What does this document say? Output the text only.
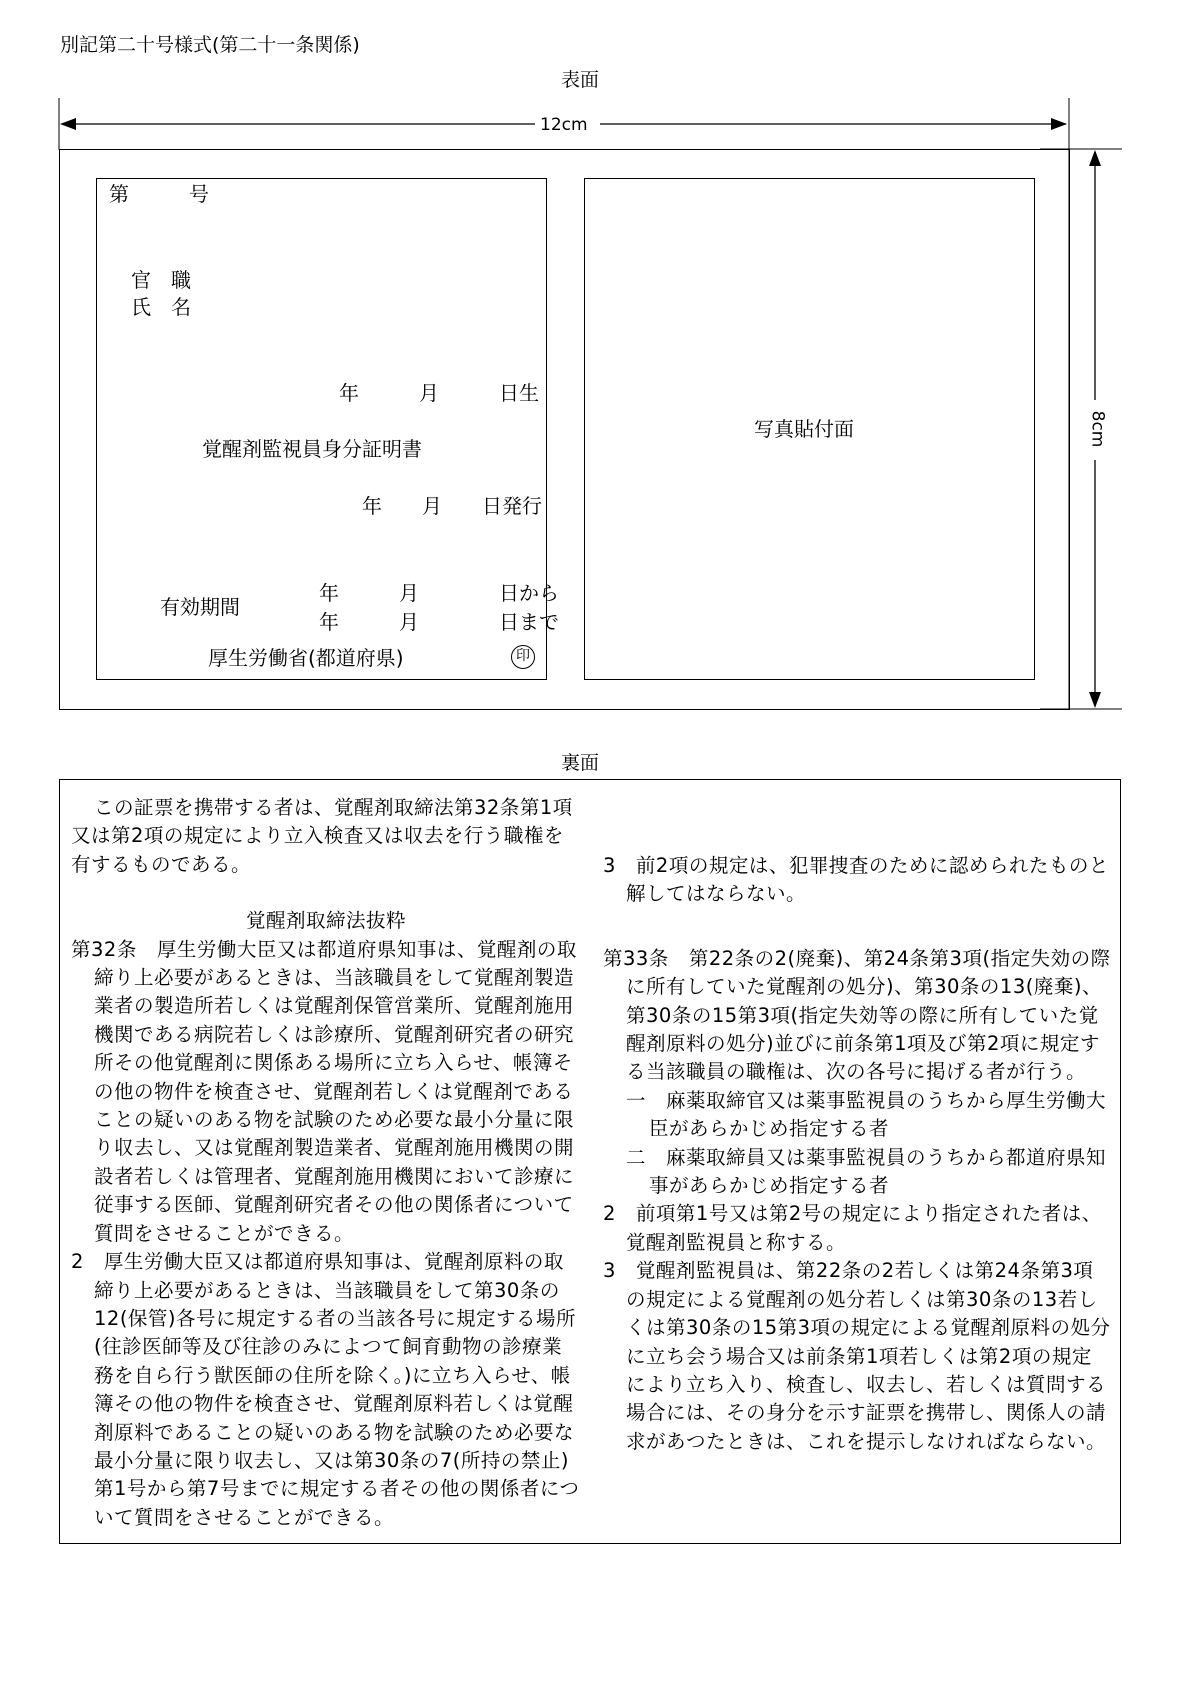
別記第二十号様式(第二十一条関係)
表面
12cm
8cm
第　　　号
官　職
氏　名
年　　　月　　　日生
覚醒剤監視員身分証明書
年　　月　　日発行
有効期間
年　　　月　　　　日から
年　　　月　　　　日まで
厚生労働省(都道府県)	印
写真貼付面
裏面

この証票を携帯する者は、覚醒剤取締法第32条第1項又は第2項の規定により立入検査又は収去を行う職権を有するものである。

覚醒剤取締法抜粋

第32条　厚生労働大臣又は都道府県知事は、覚醒剤の取締り上必要があるときは、当該職員をして覚醒剤製造業者の製造所若しくは覚醒剤保管営業所、覚醒剤施用機関である病院若しくは診療所、覚醒剤研究者の研究所その他覚醒剤に関係ある場所に立ち入らせ、帳簿その他の物件を検査させ、覚醒剤若しくは覚醒剤であることの疑いのある物を試験のため必要な最小分量に限り収去し、又は覚醒剤製造業者、覚醒剤施用機関の開設者若しくは管理者、覚醒剤施用機関において診療に従事する医師、覚醒剤研究者その他の関係者について質問をさせることができる。

2　厚生労働大臣又は都道府県知事は、覚醒剤原料の取締り上必要があるときは、当該職員をして第30条の12(保管)各号に規定する者の当該各号に規定する場所(往診医師等及び往診のみによつて飼育動物の診療業務を自ら行う獣医師の住所を除く。)に立ち入らせ、帳簿その他の物件を検査させ、覚醒剤原料若しくは覚醒剤原料であることの疑いのある物を試験のため必要な最小分量に限り収去し、又は第30条の7(所持の禁止)第1号から第7号までに規定する者その他の関係者について質問をさせることができる。

3　前2項の規定は、犯罪捜査のために認められたものと解してはならない。

第33条　第22条の2(廃棄)、第24条第3項(指定失効の際に所有していた覚醒剤の処分)、第30条の13(廃棄)、第30条の15第3項(指定失効等の際に所有していた覚醒剤原料の処分)並びに前条第1項及び第2項に規定する当該職員の職権は、次の各号に掲げる者が行う。

一　麻薬取締官又は薬事監視員のうちから厚生労働大臣があらかじめ指定する者

二　麻薬取締員又は薬事監視員のうちから都道府県知事があらかじめ指定する者

2　前項第1号又は第2号の規定により指定された者は、覚醒剤監視員と称する。

3　覚醒剤監視員は、第22条の2若しくは第24条第3項の規定による覚醒剤の処分若しくは第30条の13若しくは第30条の15第3項の規定による覚醒剤原料の処分に立ち会う場合又は前条第1項若しくは第2項の規定により立ち入り、検査し、収去し、若しくは質問する場合には、その身分を示す証票を携帯し、関係人の請求があつたときは、これを提示しなければならない。
